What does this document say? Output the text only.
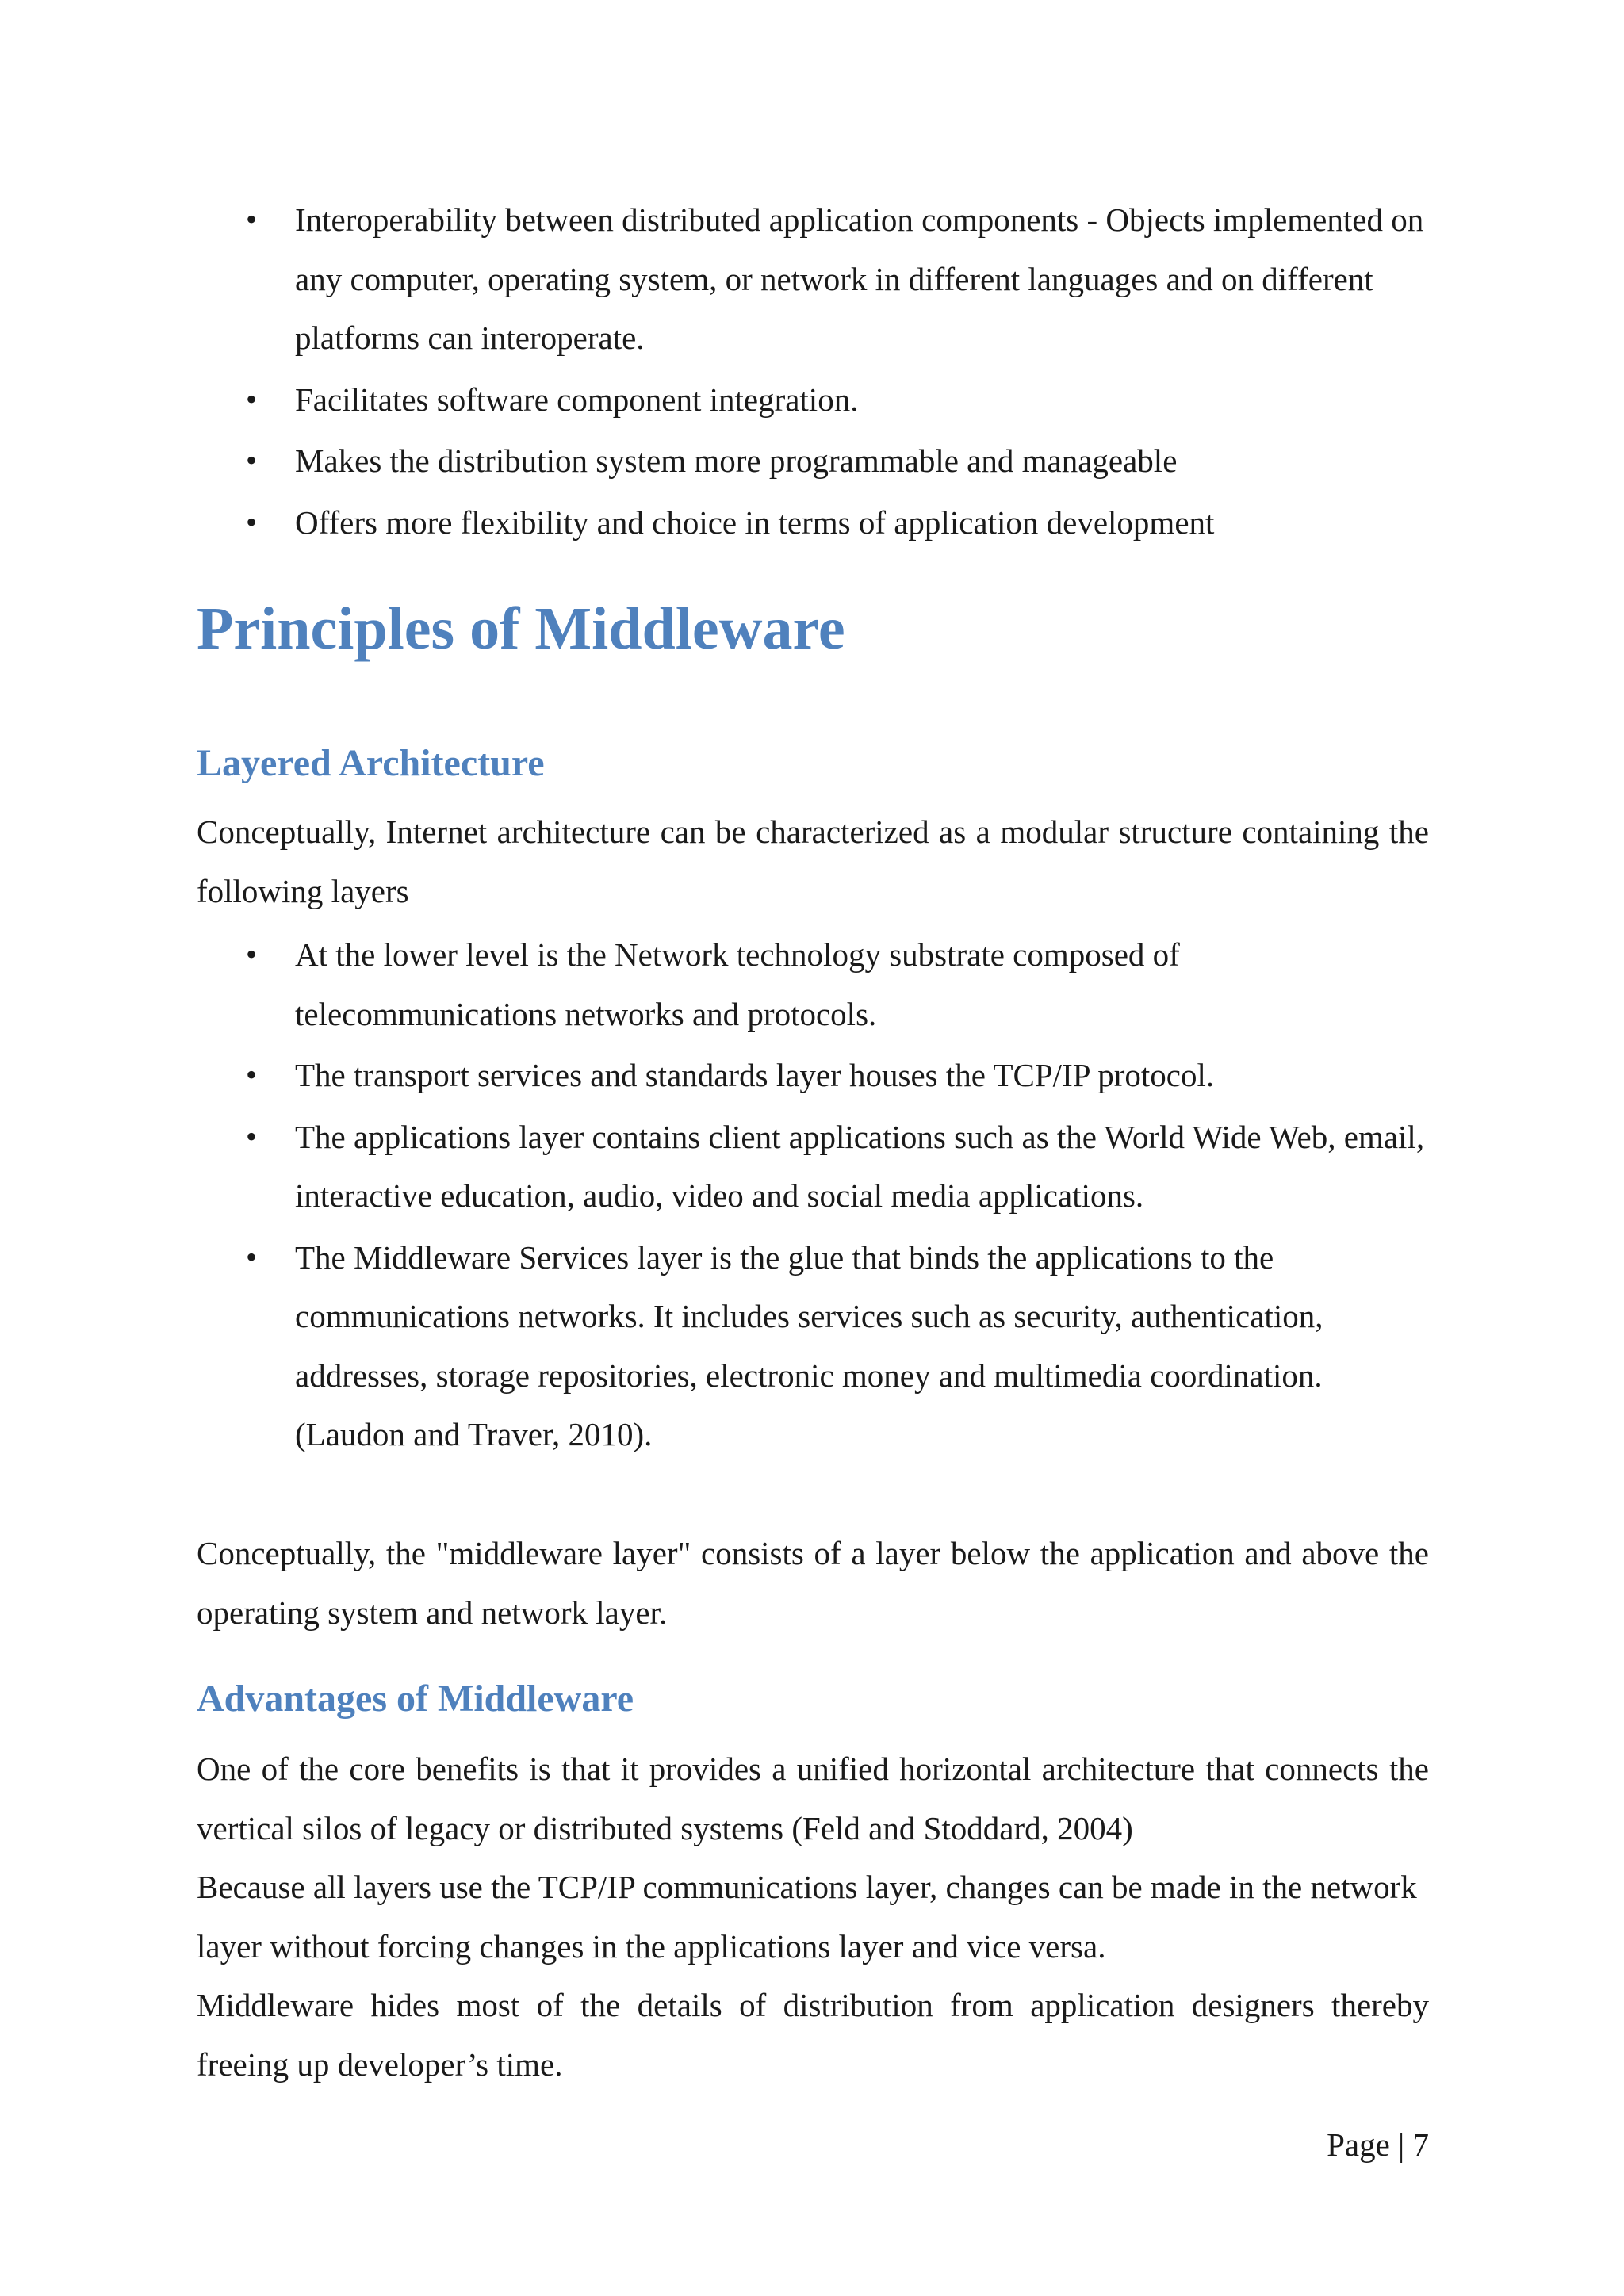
• Interoperability between distributed application components - Objects implemented on any computer, operating system, or network in different languages and on different platforms can interoperate.
• Facilitates software component integration.
• Makes the distribution system more programmable and manageable
• Offers more flexibility and choice in terms of application development
Principles of Middleware
Layered Architecture

Conceptually, Internet architecture can be characterized as a modular structure containing the following layers

• At the lower level is the Network technology substrate composed of telecommunications networks and protocols.
• The transport services and standards layer houses the TCP/IP protocol.
• The applications layer contains client applications such as the World Wide Web, email, interactive education, audio, video and social media applications.
• The Middleware Services layer is the glue that binds the applications to the communications networks. It includes services such as security, authentication, addresses, storage repositories, electronic money and multimedia coordination. (Laudon and Traver, 2010).

Conceptually, the "middleware layer" consists of a layer below the application and above the operating system and network layer.

Advantages of Middleware

One of the core benefits is that it provides a unified horizontal architecture that connects the vertical silos of legacy or distributed systems (Feld and Stoddard, 2004)

Because all layers use the TCP/IP communications layer, changes can be made in the network layer without forcing changes in the applications layer and vice versa.

Middleware hides most of the details of distribution from application designers thereby freeing up developer’s time.

Page | 7
